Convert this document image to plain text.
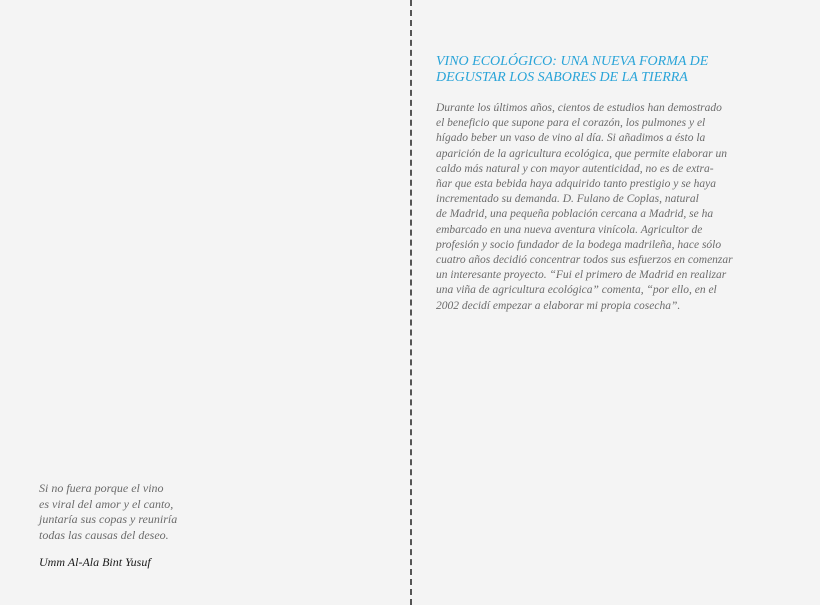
Si no fuera porque el vino
es viral del amor y el canto,
juntaría sus copas y reuniría
todas las causas del deseo.
Umm Al-Ala Bint Yusuf
VINO ECOLÓGICO: UNA NUEVA FORMA DE
DEGUSTAR LOS SABORES DE LA TIERRA
Durante los últimos años, cientos de estudios han demostrado
el beneficio que supone para el corazón, los pulmones y el
hígado beber un vaso de vino al día. Si añadimos a ésto la
aparición de la agricultura ecológica, que permite elaborar un
caldo más natural y con mayor autenticidad, no es de extra-
ñar que esta bebida haya adquirido tanto prestigio y se haya
incrementado su demanda. D. Fulano de Coplas, natural
de Madrid, una pequeña población cercana a Madrid, se ha
embarcado en una nueva aventura vinícola. Agricultor de
profesión y socio fundador de la bodega madrileña, hace sólo
cuatro años decidió concentrar todos sus esfuerzos en comenzar
un interesante proyecto. “Fui el primero de Madrid en realizar
una viña de agricultura ecológica” comenta, “por ello, en el
2002 decidí empezar a elaborar mi propia cosecha”.
